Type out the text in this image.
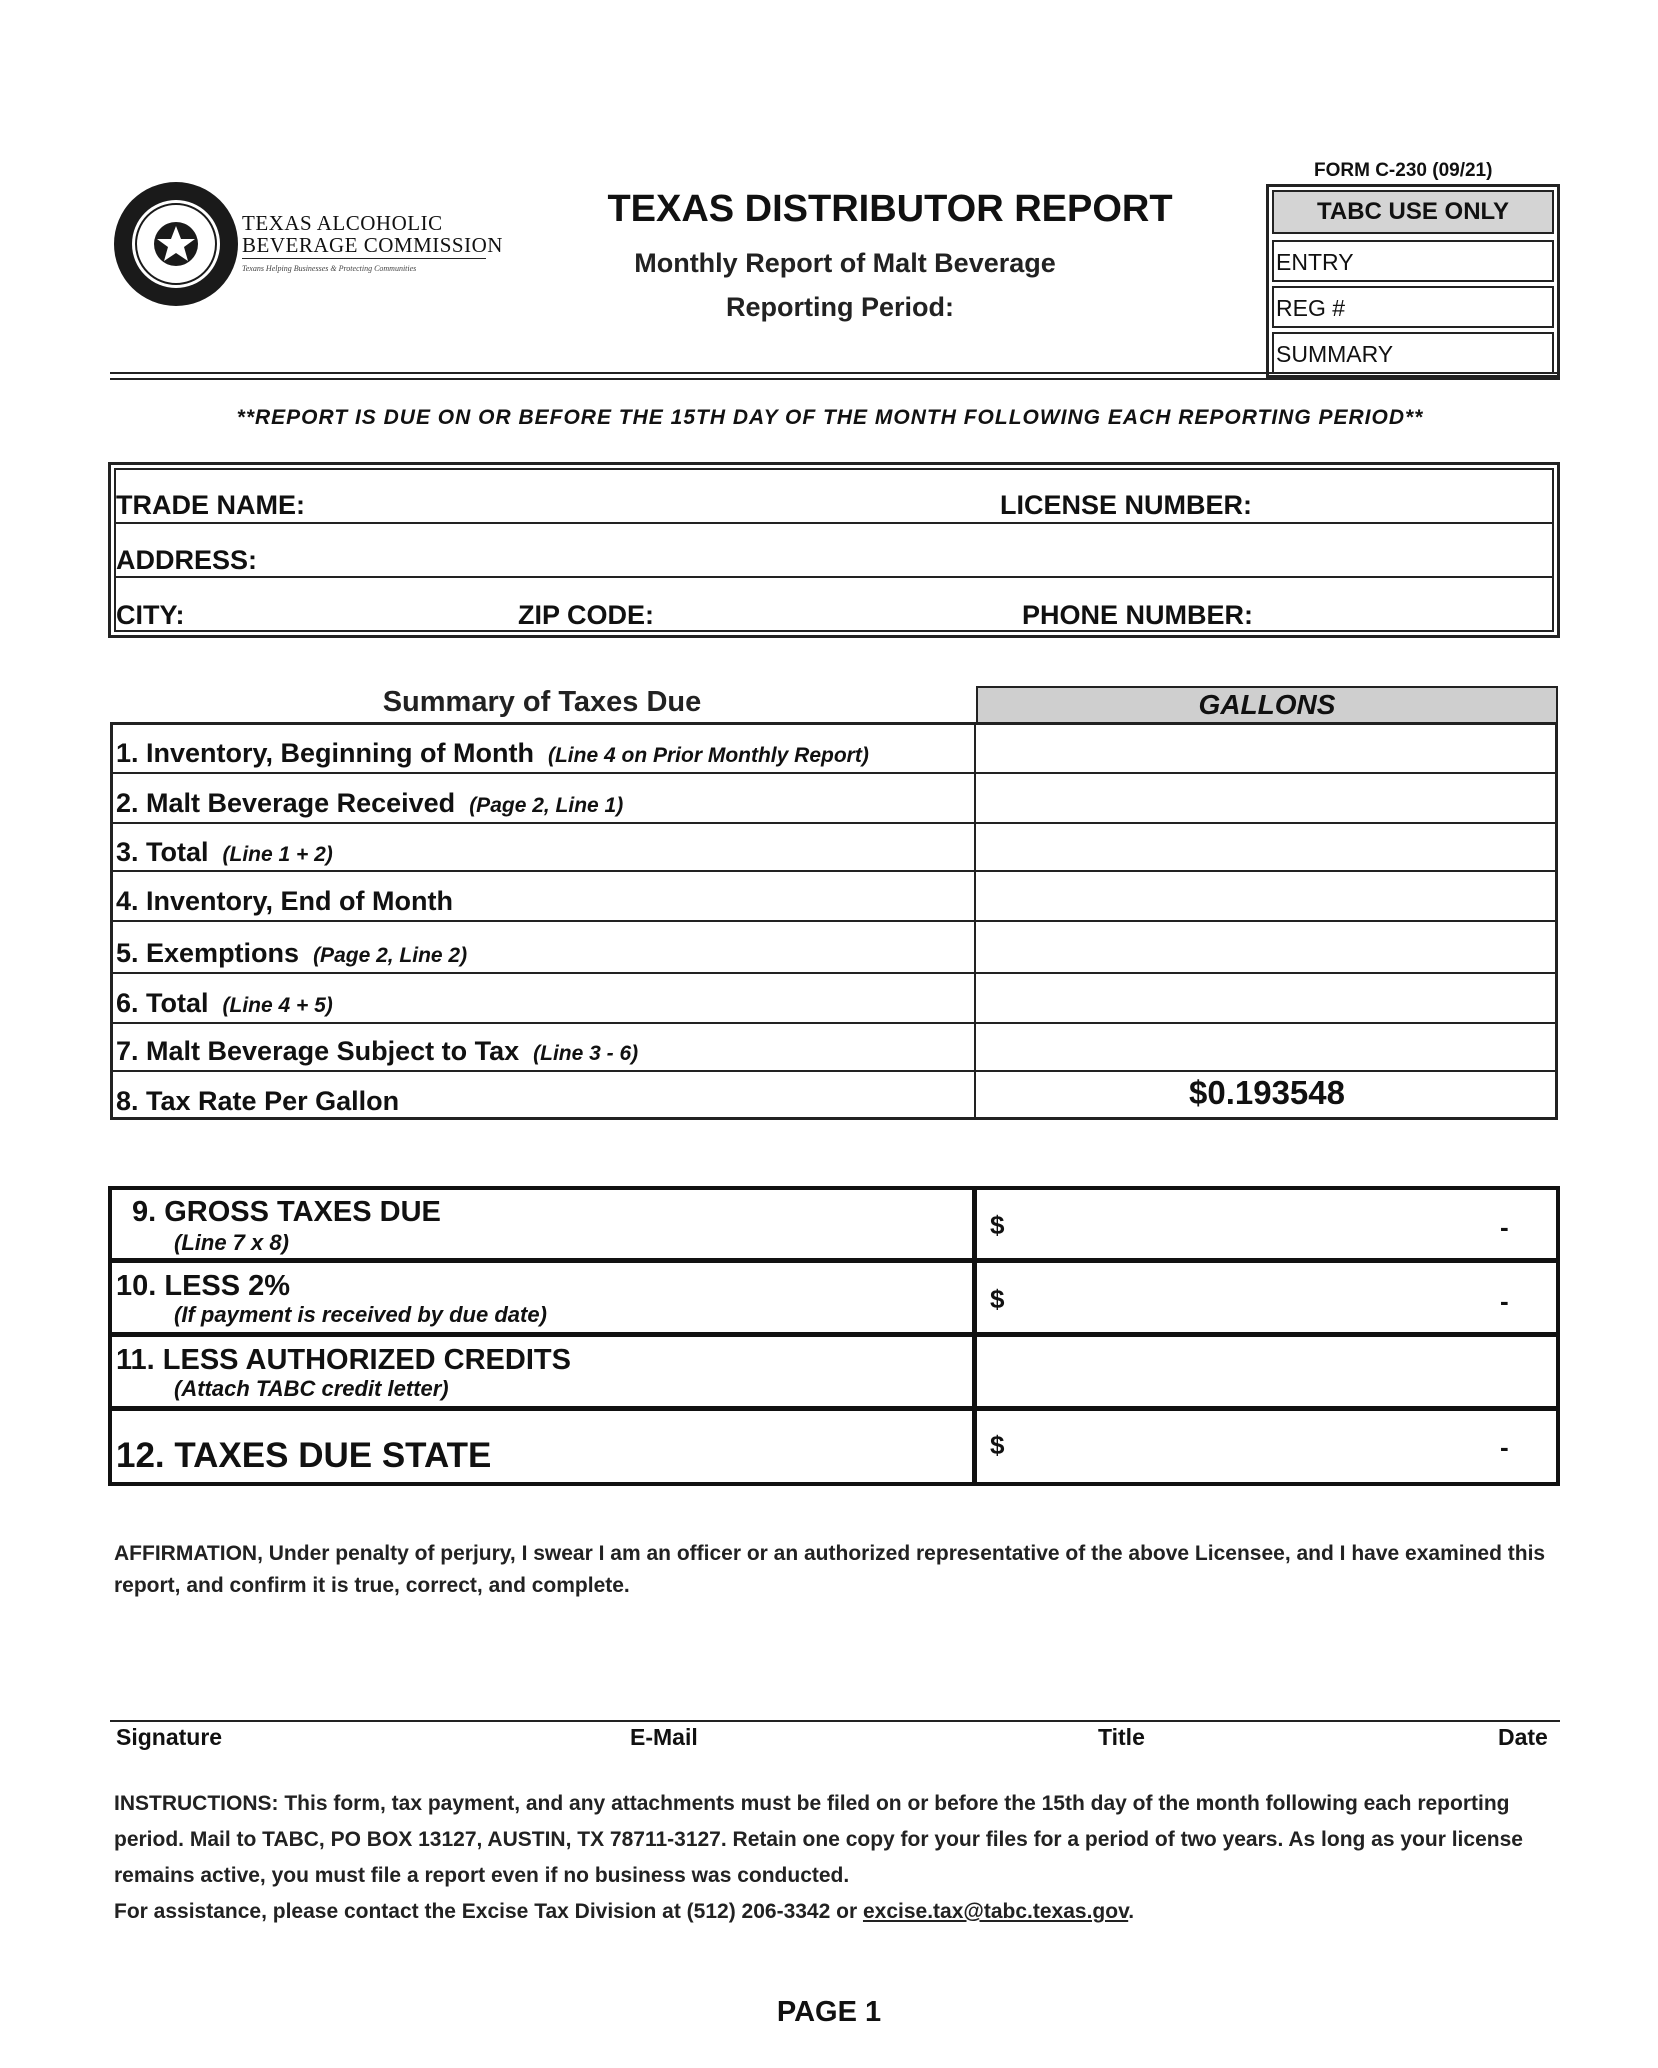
FORM C-230 (09/21)
TEXAS ALCOHOLIC
BEVERAGE COMMISSION
Texans Helping Businesses & Protecting Communities
TEXAS DISTRIBUTOR REPORT
Monthly Report of Malt Beverage
Reporting Period:
TABC USE ONLY
ENTRY
REG #
SUMMARY
**REPORT IS DUE ON OR BEFORE THE 15TH DAY OF THE MONTH FOLLOWING EACH REPORTING PERIOD**
TRADE NAME:	LICENSE NUMBER:
ADDRESS:
CITY:	ZIP CODE:	PHONE NUMBER:
Summary of Taxes Due	GALLONS
1. Inventory, Beginning of Month (Line 4 on Prior Monthly Report)
2. Malt Beverage Received (Page 2, Line 1)
3. Total (Line 1 + 2)
4. Inventory, End of Month
5. Exemptions (Page 2, Line 2)
6. Total (Line 4 + 5)
7. Malt Beverage Subject to Tax (Line 3 - 6)
8. Tax Rate Per Gallon	$0.193548
9. GROSS TAXES DUE
(Line 7 x 8)
$	-
10. LESS 2%
(If payment is received by due date)
$	-
11. LESS AUTHORIZED CREDITS
(Attach TABC credit letter)
12. TAXES DUE STATE	$	-
AFFIRMATION, Under penalty of perjury, I swear I am an officer or an authorized representative of the above Licensee, and I have examined this report, and confirm it is true, correct, and complete.
Signature	E-Mail	Title	Date
INSTRUCTIONS: This form, tax payment, and any attachments must be filed on or before the 15th day of the month following each reporting period. Mail to TABC, PO BOX 13127, AUSTIN, TX 78711-3127. Retain one copy for your files for a period of two years. As long as your license remains active, you must file a report even if no business was conducted.
For assistance, please contact the Excise Tax Division at (512) 206-3342 or excise.tax@tabc.texas.gov.
PAGE 1
